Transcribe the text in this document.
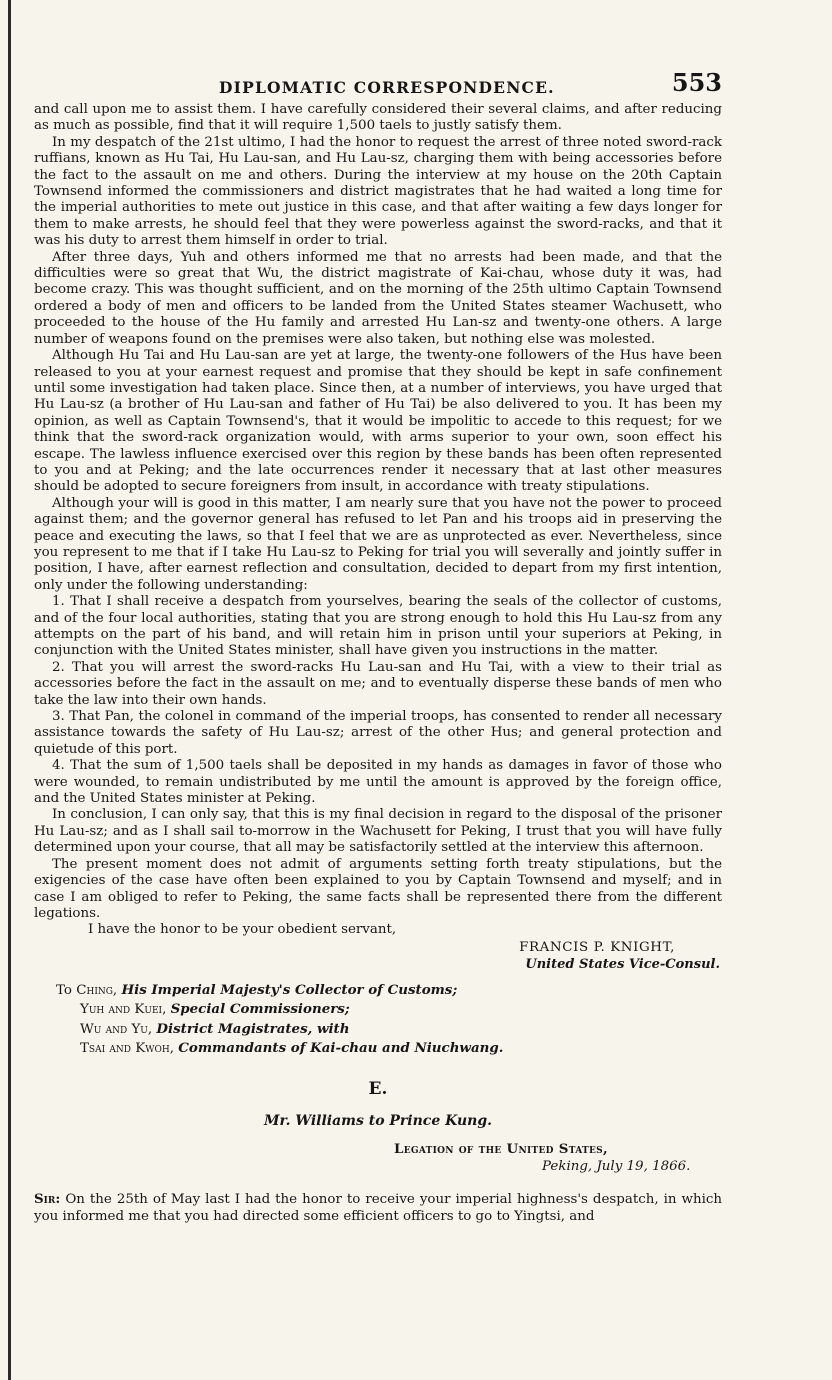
DIPLOMATIC CORRESPONDENCE.	553

and call upon me to assist them. I have carefully considered their several claims, and after reducing as much as possible, find that it will require 1,500 taels to justly satisfy them.

In my despatch of the 21st ultimo, I had the honor to request the arrest of three noted sword-rack ruffians, known as Hu Tai, Hu Lau-san, and Hu Lau-sz, charging them with being accessories before the fact to the assault on me and others. During the interview at my house on the 20th Captain Townsend informed the commissioners and district magistrates that he had waited a long time for the imperial authorities to mete out justice in this case, and that after waiting a few days longer for them to make arrests, he should feel that they were powerless against the sword-racks, and that it was his duty to arrest them himself in order to trial.

After three days, Yuh and others informed me that no arrests had been made, and that the difficulties were so great that Wu, the district magistrate of Kai-chau, whose duty it was, had become crazy. This was thought sufficient, and on the morning of the 25th ultimo Captain Townsend ordered a body of men and officers to be landed from the United States steamer Wachusett, who proceeded to the house of the Hu family and arrested Hu Lan-sz and twenty-one others. A large number of weapons found on the premises were also taken, but nothing else was molested.

Although Hu Tai and Hu Lau-san are yet at large, the twenty-one followers of the Hus have been released to you at your earnest request and promise that they should be kept in safe confinement until some investigation had taken place. Since then, at a number of interviews, you have urged that Hu Lau-sz (a brother of Hu Lau-san and father of Hu Tai) be also delivered to you. It has been my opinion, as well as Captain Townsend's, that it would be impolitic to accede to this request; for we think that the sword-rack organization would, with arms superior to your own, soon effect his escape. The lawless influence exercised over this region by these bands has been often represented to you and at Peking; and the late occurrences render it necessary that at last other measures should be adopted to secure foreigners from insult, in accordance with treaty stipulations.

Although your will is good in this matter, I am nearly sure that you have not the power to proceed against them; and the governor general has refused to let Pan and his troops aid in preserving the peace and executing the laws, so that I feel that we are as unprotected as ever. Nevertheless, since you represent to me that if I take Hu Lau-sz to Peking for trial you will severally and jointly suffer in position, I have, after earnest reflection and consultation, decided to depart from my first intention, only under the following understanding:

1. That I shall receive a despatch from yourselves, bearing the seals of the collector of customs, and of the four local authorities, stating that you are strong enough to hold this Hu Lau-sz from any attempts on the part of his band, and will retain him in prison until your superiors at Peking, in conjunction with the United States minister, shall have given you instructions in the matter.

2. That you will arrest the sword-racks Hu Lau-san and Hu Tai, with a view to their trial as accessories before the fact in the assault on me; and to eventually disperse these bands of men who take the law into their own hands.

3. That Pan, the colonel in command of the imperial troops, has consented to render all necessary assistance towards the safety of Hu Lau-sz; arrest of the other Hus; and general protection and quietude of this port.

4. That the sum of 1,500 taels shall be deposited in my hands as damages in favor of those who were wounded, to remain undistributed by me until the amount is approved by the foreign office, and the United States minister at Peking.

In conclusion, I can only say, that this is my final decision in regard to the disposal of the prisoner Hu Lau-sz; and as I shall sail to-morrow in the Wachusett for Peking, I trust that you will have fully determined upon your course, that all may be satisfactorily settled at the interview this afternoon.

The present moment does not admit of arguments setting forth treaty stipulations, but the exigencies of the case have often been explained to you by Captain Townsend and myself; and in case I am obliged to refer to Peking, the same facts shall be represented there from the different legations.

I have the honor to be your obedient servant,
FRANCIS P. KNIGHT,
United States Vice-Consul.
To Ching, His Imperial Majesty's Collector of Customs;
Yuh and Kuei, Special Commissioners;
Wu and Yu, District Magistrates, with
Tsai and Kwoh, Commandants of Kai-chau and Niuchwang.
E.
Mr. Williams to Prince Kung.
Legation of the United States,
Peking, July 19, 1866.
Sir: On the 25th of May last I had the honor to receive your imperial highness's despatch, in which you informed me that you had directed some efficient officers to go to Yingtsi, and
